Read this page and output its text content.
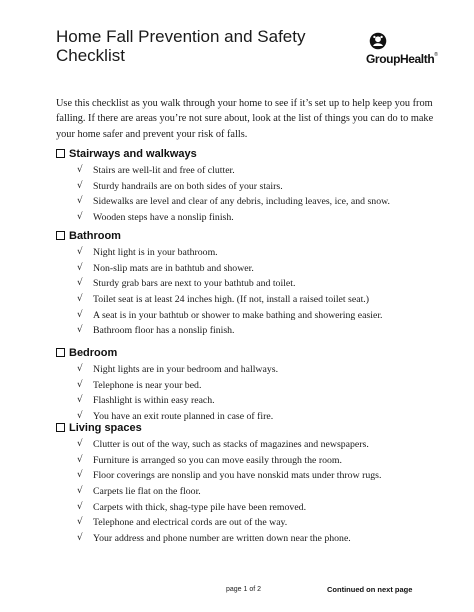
Home Fall Prevention and Safety
Checklist	GroupHealth®

Use this checklist as you walk through your home to see if it’s set up to help keep you from falling. If there are areas you’re not sure about, look at the list of things you can do to make your home safer and prevent your risk of falls.

Stairways and walkways
√	Stairs are well-lit and free of clutter.
√	Sturdy handrails are on both sides of your stairs.
√	Sidewalks are level and clear of any debris, including leaves, ice, and snow.
√	Wooden steps have a nonslip finish.
Bathroom
√	Night light is in your bathroom.
√	Non-slip mats are in bathtub and shower.
√	Sturdy grab bars are next to your bathtub and toilet.
√	Toilet seat is at least 24 inches high. (If not, install a raised toilet seat.)
√	A seat is in your bathtub or shower to make bathing and showering easier.
√	Bathroom floor has a nonslip finish.
Bedroom
√	Night lights are in your bedroom and hallways.
√	Telephone is near your bed.
√	Flashlight is within easy reach.
√	You have an exit route planned in case of fire.
Living spaces
√	Clutter is out of the way, such as stacks of magazines and newspapers.
√	Furniture is arranged so you can move easily through the room.
√	Floor coverings are nonslip and you have nonskid mats under throw rugs.
√	Carpets lie flat on the floor.
√	Carpets with thick, shag-type pile have been removed.
√	Telephone and electrical cords are out of the way.
√	Your address and phone number are written down near the phone.
page 1 of 2	Continued on next page
